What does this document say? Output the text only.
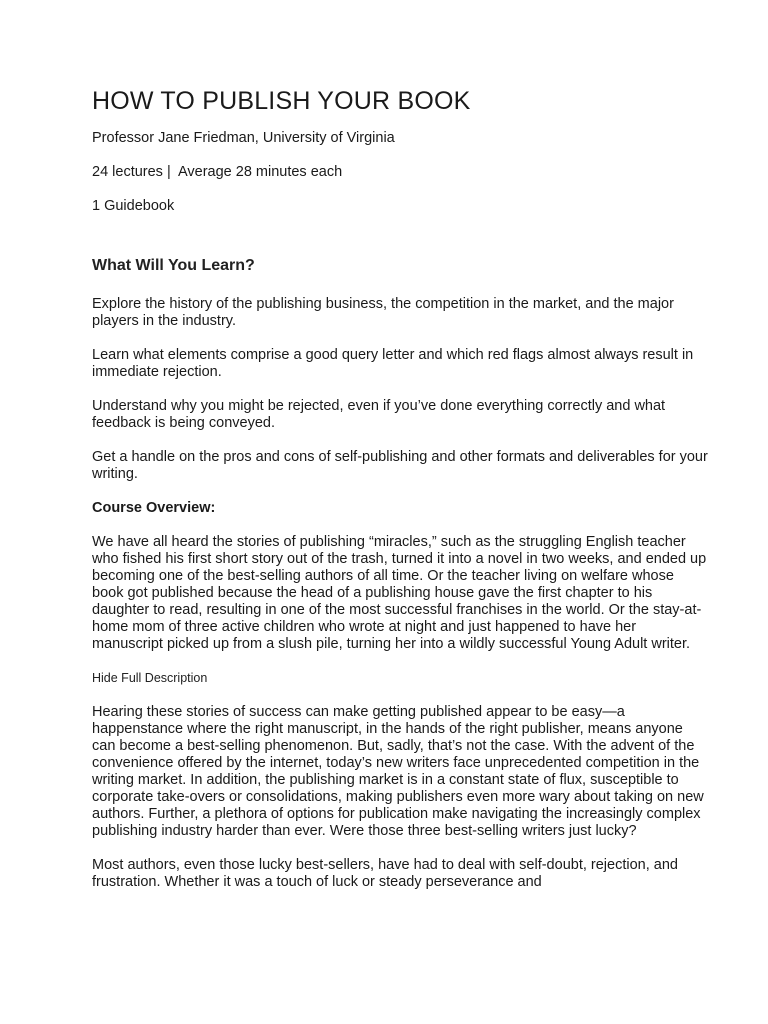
HOW TO PUBLISH YOUR BOOK

Professor Jane Friedman, University of Virginia

24 lectures |  Average 28 minutes each

1 Guidebook

What Will You Learn?

Explore the history of the publishing business, the competition in the market, and the major players in the industry.

Learn what elements comprise a good query letter and which red flags almost always result in immediate rejection.

Understand why you might be rejected, even if you’ve done everything correctly and what feedback is being conveyed.

Get a handle on the pros and cons of self-publishing and other formats and deliverables for your writing.

Course Overview:

We have all heard the stories of publishing “miracles,” such as the struggling English teacher who fished his first short story out of the trash, turned it into a novel in two weeks, and ended up becoming one of the best-selling authors of all time. Or the teacher living on welfare whose book got published because the head of a publishing house gave the first chapter to his daughter to read, resulting in one of the most successful franchises in the world. Or the stay-at-home mom of three active children who wrote at night and just happened to have her manuscript picked up from a slush pile, turning her into a wildly successful Young Adult writer.

Hide Full Description

Hearing these stories of success can make getting published appear to be easy—a happenstance where the right manuscript, in the hands of the right publisher, means anyone can become a best-selling phenomenon. But, sadly, that’s not the case. With the advent of the convenience offered by the internet, today’s new writers face unprecedented competition in the writing market. In addition, the publishing market is in a constant state of flux, susceptible to corporate take-overs or consolidations, making publishers even more wary about taking on new authors. Further, a plethora of options for publication make navigating the increasingly complex publishing industry harder than ever. Were those three best-selling writers just lucky?

Most authors, even those lucky best-sellers, have had to deal with self-doubt, rejection, and frustration. Whether it was a touch of luck or steady perseverance and
